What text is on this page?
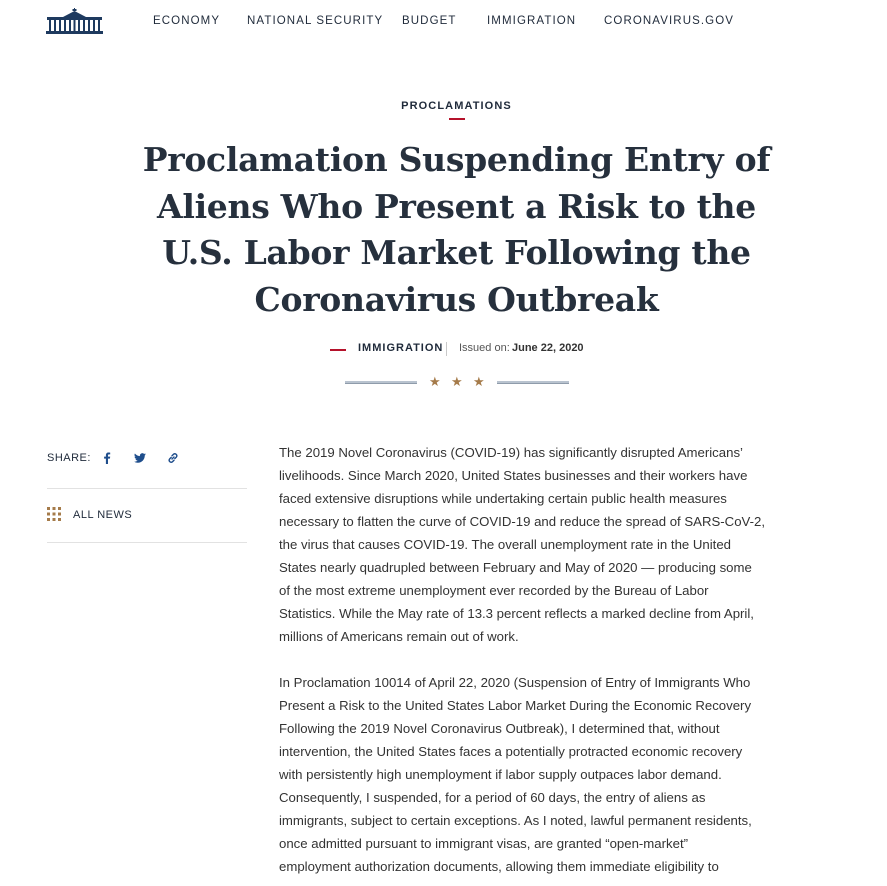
ECONOMY NATIONAL SECURITY BUDGET	IMMIGRATION CORONAVIRUS.GOV
PROCLAMATIONS
Proclamation Suspending Entry of
Aliens Who Present a Risk to the
U.S. Labor Market Following the
Coronavirus Outbreak
IMMIGRATION Issued on: June 22, 2020
★ ★ ★
SHARE:
ALL NEWS

The 2019 Novel Coronavirus (COVID-19) has significantly disrupted Americans’
livelihoods. Since March 2020, United States businesses and their workers have
faced extensive disruptions while undertaking certain public health measures
necessary to flatten the curve of COVID-19 and reduce the spread of SARS-CoV-2,
the virus that causes COVID-19. The overall unemployment rate in the United
States nearly quadrupled between February and May of 2020 — producing some
of the most extreme unemployment ever recorded by the Bureau of Labor
Statistics. While the May rate of 13.3 percent reflects a marked decline from April,
millions of Americans remain out of work.

In Proclamation 10014 of April 22, 2020 (Suspension of Entry of Immigrants Who
Present a Risk to the United States Labor Market During the Economic Recovery
Following the 2019 Novel Coronavirus Outbreak), I determined that, without
intervention, the United States faces a potentially protracted economic recovery
with persistently high unemployment if labor supply outpaces labor demand.
Consequently, I suspended, for a period of 60 days, the entry of aliens as
immigrants, subject to certain exceptions. As I noted, lawful permanent residents,
once admitted pursuant to immigrant visas, are granted “open-market”
employment authorization documents, allowing them immediate eligibility to
